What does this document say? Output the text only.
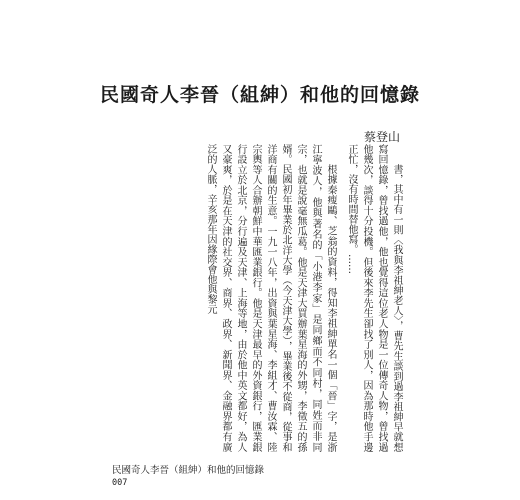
民國奇人李晉（組紳）和他的回憶錄
蔡登山

書，其中有一則〈我與李祖紳老人〉，曹先生談到過李祖紳早就想寫回憶錄，曾找過他，他也覺得這位老人物是一位傳奇人物，曾找過他幾次，談得十分投機。但後來李先生卻找了別人，因為那時他手邊正忙，沒有時間替他寫。……

根據秦瘦鷗、芝翁的資料，得知李祖紳單名一個「晉」字，是浙江寧波人，他與著名的「小港李家」是同鄉而不同村，同姓而非同宗，也就是說毫無瓜葛。他是天津大買辦葉星海的外甥，李徵五的孫婿。民國初年畢業於北洋大學（今天津大學），畢業後不從商，從事和洋商有關的生意。一九一八年，出資與葉星海、李組才、曹汝霖、陸宗輿等人合辦朝鮮中華匯業銀行。他是天津最早的外資銀行，匯業銀行設立於北京，分行遍及天津、上海等地，由於他中英文都好，為人又豪爽，於是在天津的社交界、商界、政界、新聞界、金融界都有廣泛的人脈，辛亥那年因緣際會他與黎元

民國奇人李晉（組紳）和他的回憶錄
007
